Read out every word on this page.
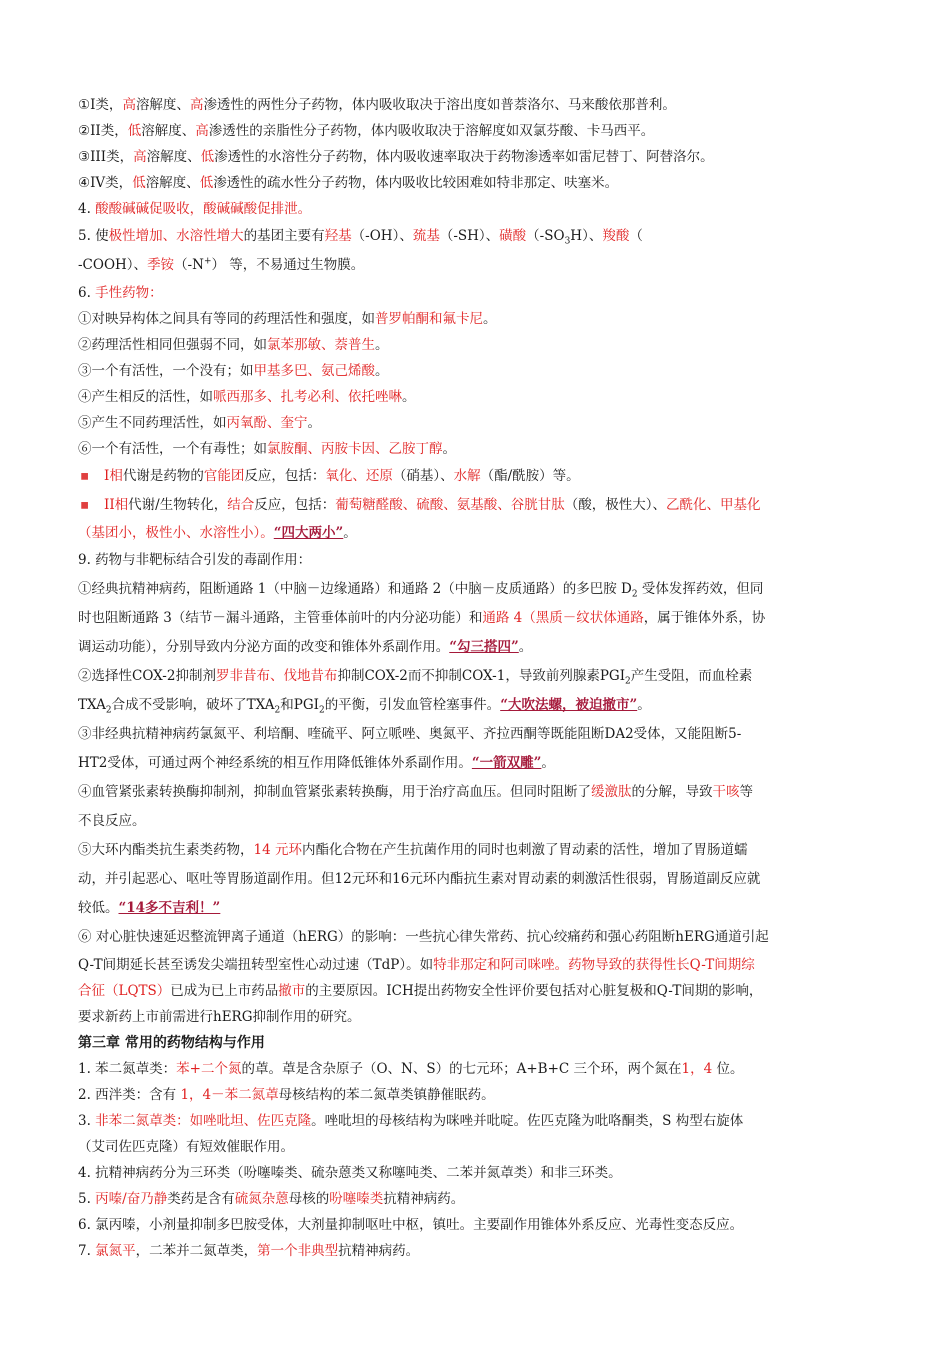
①I类，高溶解度、高渗透性的两性分子药物，体内吸收取决于溶出度如普萘洛尔、马来酸依那普利。
②II类，低溶解度、高渗透性的亲脂性分子药物，体内吸收取决于溶解度如双氯芬酸、卡马西平。
③III类，高溶解度、低渗透性的水溶性分子药物，体内吸收速率取决于药物渗透率如雷尼替丁、阿替洛尔。
④IV类，低溶解度、低渗透性的疏水性分子药物，体内吸收比较困难如特非那定、呋塞米。
4. 酸酸碱碱促吸收，酸碱碱酸促排泄。
5. 使极性增加、水溶性增大的基团主要有羟基（-OH）、巯基（-SH）、磺酸$(-SO_3H)$、羧酸（
-COOH）、季铵（-N+） 等，不易通过生物膜。
6. 手性药物：
①对映异构体之间具有等同的药理活性和强度，如普罗帕酮和氟卡尼。
②药理活性相同但强弱不同，如氯苯那敏、萘普生。
③一个有活性，一个没有；如甲基多巴、氨己烯酸。
④产生相反的活性，如哌西那多、扎考必利、依托唑啉。
⑤产生不同药理活性，如丙氧酚、奎宁。
⑥一个有活性，一个有毒性；如氯胺酮、丙胺卡因、乙胺丁醇。
▪ I相代谢是药物的官能团反应，包括：氧化、还原（硝基）、水解（酯/酰胺）等。
▪ II相代谢/生物转化，结合反应，包括：葡萄糖醛酸、硫酸、氨基酸、谷胱甘肽（酸，极性大）、乙酰化、甲基化
（基团小，极性小、水溶性小）。“四大两小”。
9. 药物与非靶标结合引发的毒副作用：
①经典抗精神病药，阻断通路 1（中脑－边缘通路）和通路 2（中脑－皮质通路）的多巴胺 $D_2$ 受体发挥药效，但同
时也阻断通路 3（结节－漏斗通路，主管垂体前叶的内分泌功能）和通路 4（黑质－纹状体通路，属于锥体外系，协
调运动功能），分别导致内分泌方面的改变和锥体外系副作用。“勾三搭四”。
②选择性COX-2抑制剂罗非昔布、伐地昔布抑制COX-2而不抑制COX-1，导致前列腺素$PGI_2$产生受阻，而血栓素
$TXA_2$合成不受影响，破坏了$TXA_2$和$PGI_2$的平衡，引发血管栓塞事件。“大吹法螺，被迫撤市”。
③非经典抗精神病药氯氮平、利培酮、喹硫平、阿立哌唑、奥氮平、齐拉西酮等既能阻断DA2受体，又能阻断5-
HT2受体，可通过两个神经系统的相互作用降低锥体外系副作用。“一箭双雕”。
④血管紧张素转换酶抑制剂，抑制血管紧张素转换酶，用于治疗高血压。但同时阻断了缓激肽的分解，导致干咳等
不良反应。
⑤大环内酯类抗生素类药物，14 元环内酯化合物在产生抗菌作用的同时也刺激了胃动素的活性，增加了胃肠道蠕
动，并引起恶心、呕吐等胃肠道副作用。但12元环和16元环内酯抗生素对胃动素的刺激活性很弱，胃肠道副反应就
较低。“14多不吉利！”
⑥ 对心脏快速延迟整流钾离子通道（hERG）的影响：一些抗心律失常药、抗心绞痛药和强心药阻断hERG通道引起
Q-T间期延长甚至诱发尖端扭转型室性心动过速（TdP）。如特非那定和阿司咪唑。药物导致的获得性长Q-T间期综
合征（LQTS）已成为已上市药品撤市的主要原因。ICH提出药物安全性评价要包括对心脏复极和Q-T间期的影响，
要求新药上市前需进行hERG抑制作用的研究。
第三章 常用的药物结构与作用
1. 苯二氮䓬类：苯+二个氮的䓬。䓬是含杂原子（O、N、S）的七元环；A+B+C 三个环，两个氮在1，4 位。
2. 西泮类：含有 1，4－苯二氮䓬母核结构的苯二氮䓬类镇静催眠药。
3. 非苯二氮䓬类：如唑吡坦、佐匹克隆。唑吡坦的母核结构为咪唑并吡啶。佐匹克隆为吡咯酮类，S 构型右旋体
（艾司佐匹克隆）有短效催眠作用。
4. 抗精神病药分为三环类（吩噻嗪类、硫杂蒽类又称噻吨类、二苯并氮䓬类）和非三环类。
5. 丙嗪/奋乃静类药是含有硫氮杂蒽母核的吩噻嗪类抗精神病药。
6. 氯丙嗪，小剂量抑制多巴胺受体，大剂量抑制呕吐中枢，镇吐。主要副作用锥体外系反应、光毒性变态反应。
7. 氯氮平，二苯并二氮䓬类，第一个非典型抗精神病药。
